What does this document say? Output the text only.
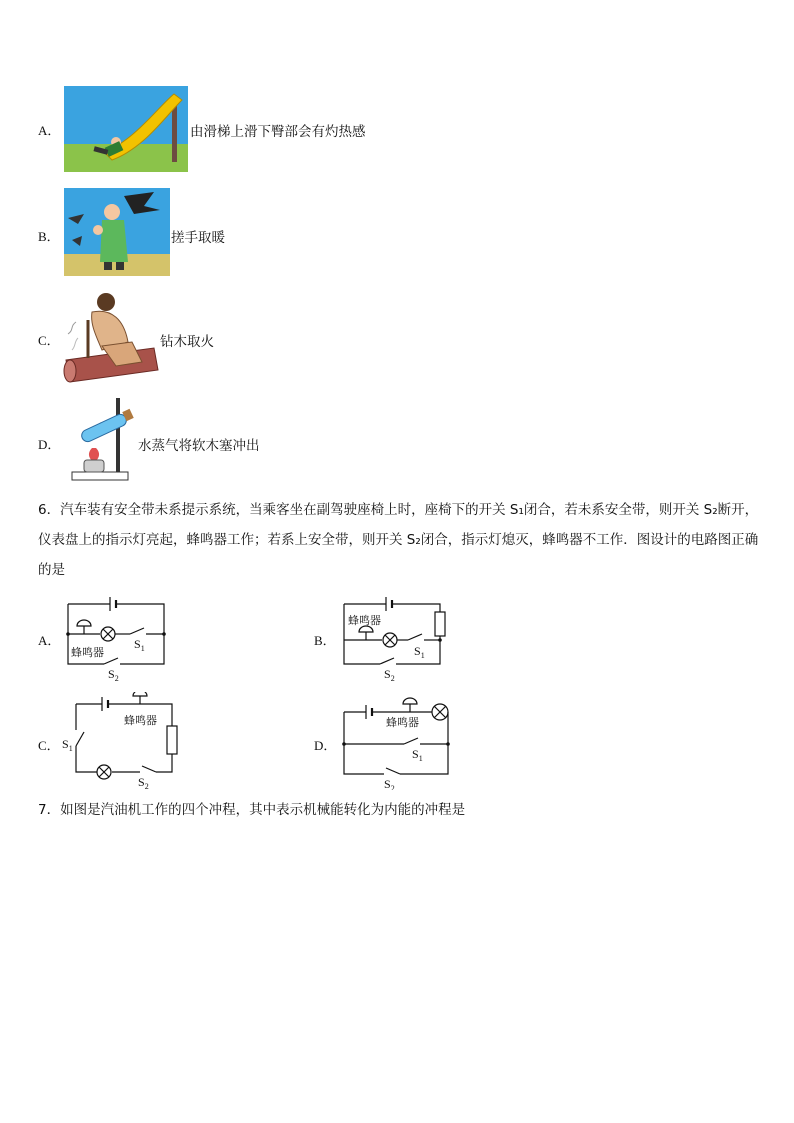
A．	由滑梯上滑下臀部会有灼热感
B．	搓手取暖
C．	钻木取火
D．	水蒸气将软木塞冲出
6．汽车装有安全带未系提示系统，当乘客坐在副驾驶座椅上时，座椅下的开关 S₁闭合，若未系安全带，则开关 S₂断开，仪表盘上的指示灯亮起，蜂鸣器工作；若系上安全带，则开关 S₂闭合，指示灯熄灭，蜂鸣器不工作．图设计的电路图正确的是
A．
蜂鸣器
$S_1$
$S_2$
B．
蜂鸣器
$S_1$
$S_2$
C．
蜂鸣器
$S_1$
$S_2$
D．
蜂鸣器
$S_1$
$S_2$
7．如图是汽油机工作的四个冲程，其中表示机械能转化为内能的冲程是
